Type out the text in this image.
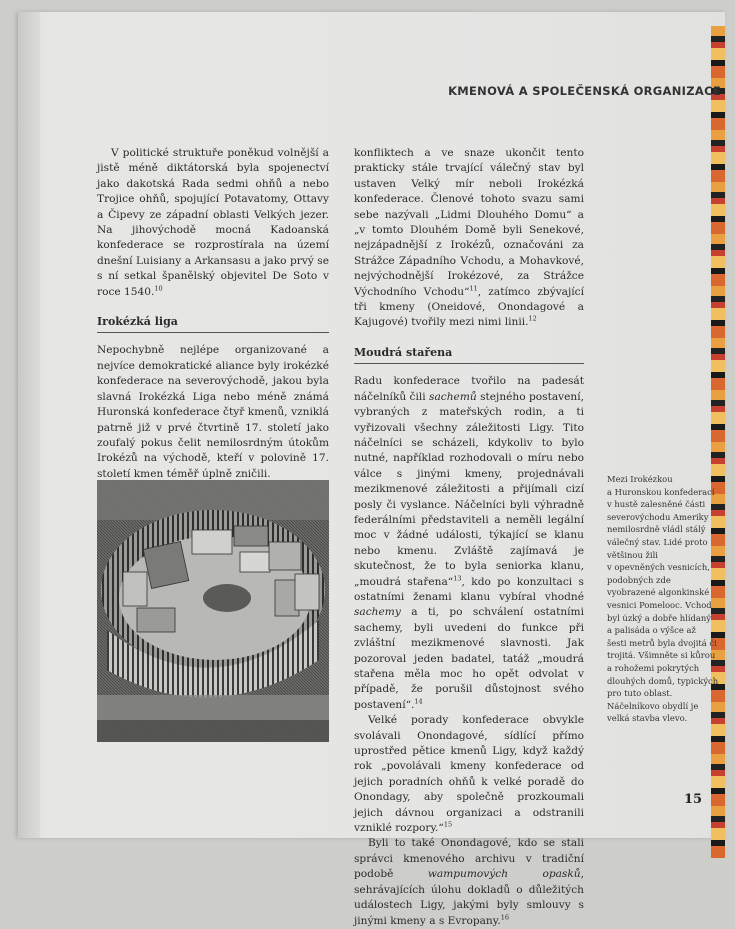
KMENOVÁ A SPOLEČENSKÁ ORGANIZACE

V politické struktuře poněkud volnější a jistě méně diktátorská byla spojenectví jako dakotská Rada sedmi ohňů a nebo Trojice ohňů, spojující Potavatomy, Ottavy a Čipevy ze západní oblasti Velkých jezer. Na jihovýchodě mocná Kadoanská konfederace se rozprostírala na území dnešní Luisiany a Arkansasu a jako prvý se s ní setkal španělský objevitel De Soto v roce 1540.10

Irokézká liga

Nepochybně nejlépe organizované a nejvíce demokratické aliance byly irokézké konfederace na severovýchodě, jakou byla slavná Irokézká Liga nebo méně známá Huronská konfederace čtyř kmenů, vzniklá patrně již v prvé čtvrtině 17. století jako zoufalý pokus čelit nemilosrdným útokům Irokézů na východě, kteří v polovině 17. století kmen téměř úplně zničili.

konfliktech a ve snaze ukončit tento prakticky stále trvající válečný stav byl ustaven Velký mír neboli Irokézká konfederace. Členové tohoto svazu sami sebe nazývali „Lidmi Dlouhého Domu“ a „v tomto Dlouhém Domě byli Senekové, nejzápadnější z Irokézů, označováni za Strážce Západního Vchodu, a Mohavkové, nejvýchodnější Irokézové, za Strážce Východního Vchodu“$^{11}$, zatímco zbývající tři kmeny (Oneidové, Onondagové a Kajugové) tvořily mezi nimi linii.$^{12}$

Moudrá stařena

Radu konfederace tvořilo na padesát náčelníků čili sachemů stejného postavení, vybraných z mateřských rodin, a ti vyřizovali všechny záležitosti Ligy. Tito náčelníci se scházeli, kdykoliv to bylo nutné, například rozhodovali o míru nebo válce s jinými kmeny, projednávali mezikmenové záležitosti a přijímali cizí posly či vyslance. Náčelníci byli výhradně federálními představiteli a neměli legální moc v žádné události, týkající se klanu nebo kmenu. Zvláště zajímavá je skutečnost, že to byla seniorka klanu, „moudrá stařena“$^{13}$, kdo po konzultaci s ostatními ženami klanu vybíral vhodné sachemy a ti, po schválení ostatními sachemy, byli uvedeni do funkce při zvláštní mezikmenové slavnosti. Jak pozoroval jeden badatel, tatáž „moudrá stařena měla moc ho opět odvolat v případě, že porušil důstojnost svého postavení“.$^{14}$

Velké porady konfederace obvykle svolávali Onondagové, sídlící přímo uprostřed pětice kmenů Ligy, když každý rok „povolávali kmeny konfederace od jejich poradních ohňů k velké poradě do Onondagy, aby společně prozkoumali jejich dávnou organizaci a odstranili vzniklé rozpory.“$^{15}$

Byli to také Onondagové, kdo se stali správci kmenového archivu v tradiční podobě wampumových opasků, sehrávajících úlohu dokladů o důležitých událostech Ligy, jakými byly smlouvy s jinými kmeny a s Evropany.$^{16}$

Mezi Irokézkou
a Huronskou konfederací
v hustě zalesněné části
severovýchodu Ameriky
nemilosrdně vládl stálý
válečný stav. Lidé proto
většinou žili
v opevněných vesnicích,
podobných zde
vyobrazené algonkinské
vesnici Pomelooc. Vchod
byl úzký a dobře hlídaný
a palisáda o výšce až
šesti metrů byla dvojitá či
trojitá. Všimněte si kůrou
a rohožemi pokrytých
dlouhých domů, typických
pro tuto oblast.
Náčelníkovo obydlí je
velká stavba vlevo.
15
